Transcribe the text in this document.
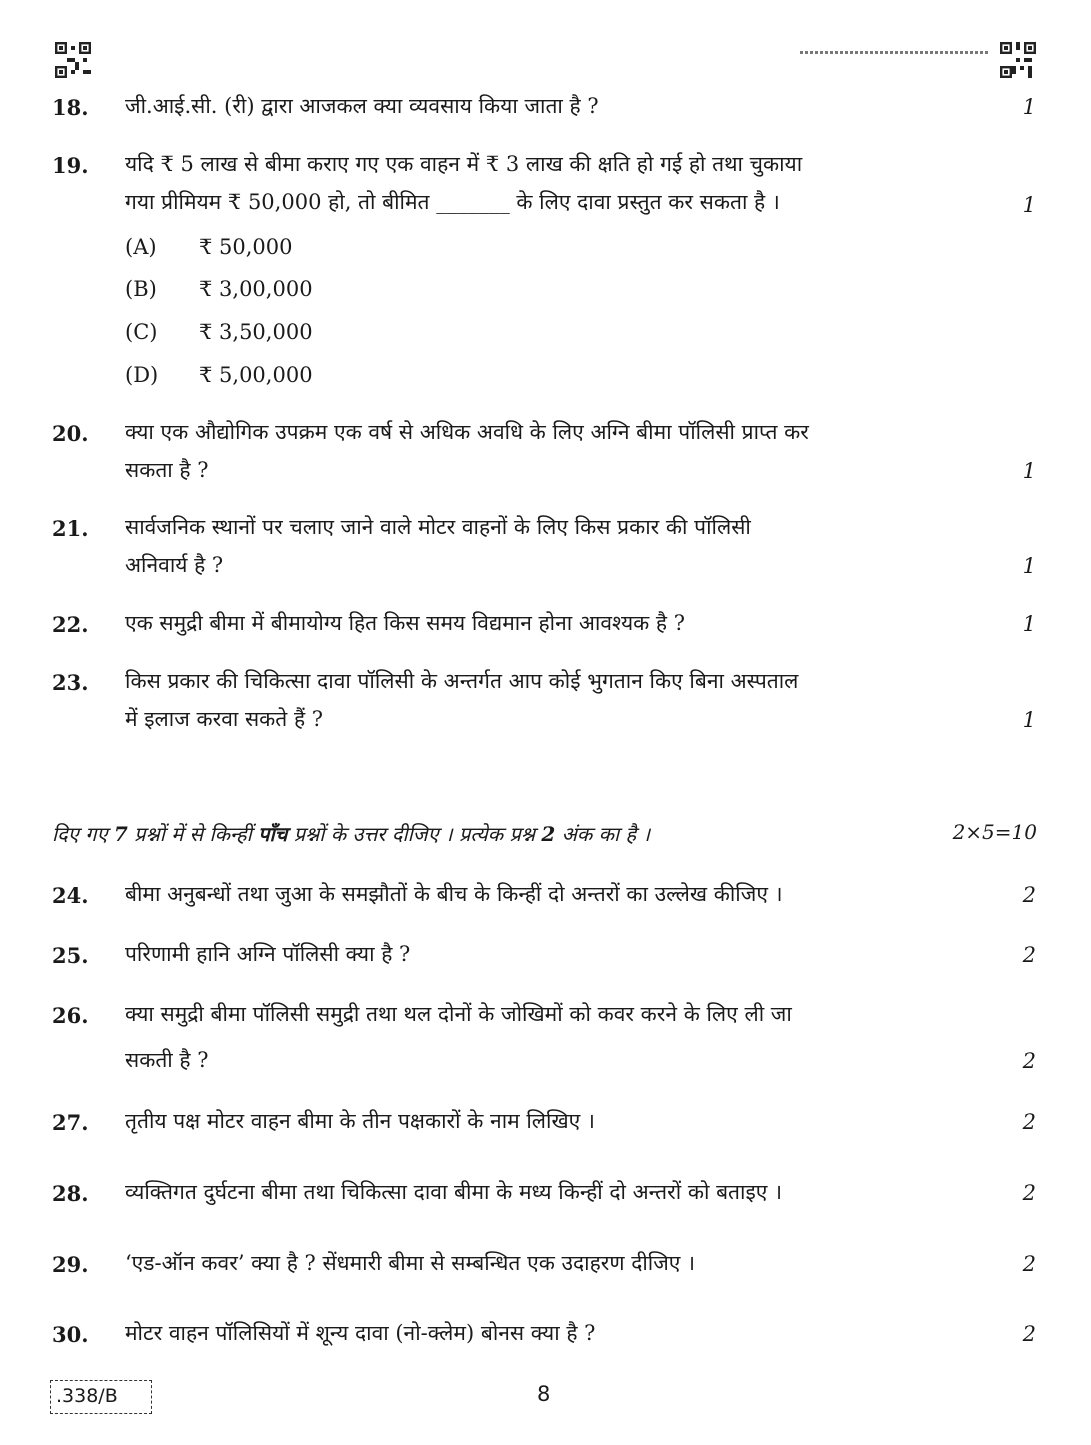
18. जी.आई.सी. (री) द्वारा आजकल क्या व्यवसाय किया जाता है ?	1
19. यदि ₹ 5 लाख से बीमा कराए गए एक वाहन में ₹ 3 लाख की क्षति हो गई हो तथा चुकाया
गया प्रीमियम ₹ 50,000 हो, तो बीमित _______ के लिए दावा प्रस्तुत कर सकता है ।	1
(A) ₹ 50,000
(B) ₹ 3,00,000
(C) ₹ 3,50,000
(D) ₹ 5,00,000
20. क्या एक औद्योगिक उपक्रम एक वर्ष से अधिक अवधि के लिए अग्नि बीमा पॉलिसी प्राप्त कर
सकता है ?	1
21. सार्वजनिक स्थानों पर चलाए जाने वाले मोटर वाहनों के लिए किस प्रकार की पॉलिसी
अनिवार्य है ?	1
22. एक समुद्री बीमा में बीमायोग्य हित किस समय विद्यमान होना आवश्यक है ?	1
23. किस प्रकार की चिकित्सा दावा पॉलिसी के अन्तर्गत आप कोई भुगतान किए बिना अस्पताल
में इलाज करवा सकते हैं ?	1
दिए गए 7 प्रश्नों में से किन्हीं पाँच प्रश्नों के उत्तर दीजिए । प्रत्येक प्रश्न 2 अंक का है ।	2×5=10
24. बीमा अनुबन्धों तथा जुआ के समझौतों के बीच के किन्हीं दो अन्तरों का उल्लेख कीजिए ।	2
25. परिणामी हानि अग्नि पॉलिसी क्या है ?	2
26. क्या समुद्री बीमा पॉलिसी समुद्री तथा थल दोनों के जोखिमों को कवर करने के लिए ली जा
सकती है ?	2
27. तृतीय पक्ष मोटर वाहन बीमा के तीन पक्षकारों के नाम लिखिए ।	2
28. व्यक्तिगत दुर्घटना बीमा तथा चिकित्सा दावा बीमा के मध्य किन्हीं दो अन्तरों को बताइए ।	2
29. ‘एड-ऑन कवर’ क्या है ? सेंधमारी बीमा से सम्बन्धित एक उदाहरण दीजिए ।	2
30. मोटर वाहन पॉलिसियों में शून्य दावा (नो-क्लेम) बोनस क्या है ?	2
.338/B	8
